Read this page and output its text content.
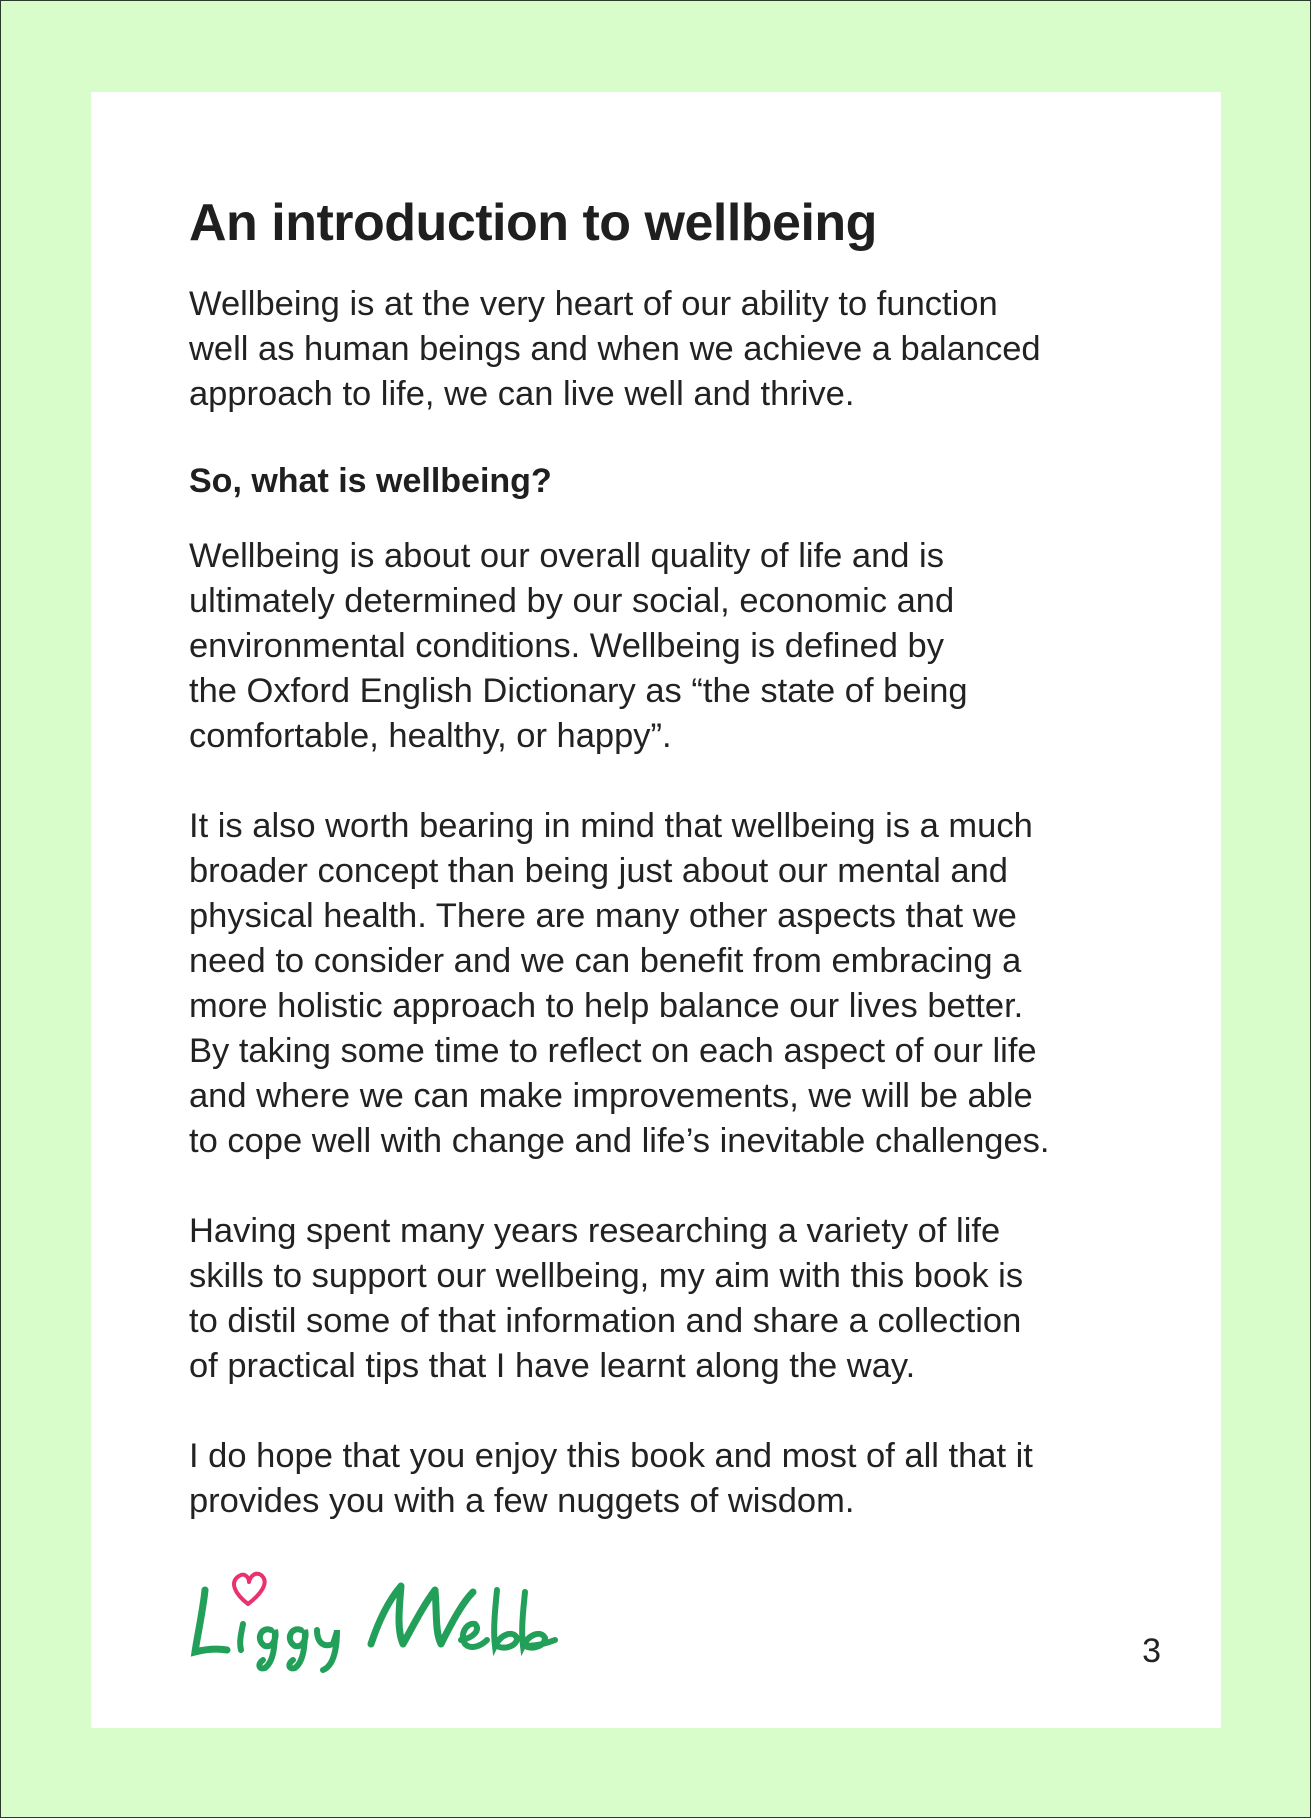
An introduction to wellbeing

Wellbeing is at the very heart of our ability to function
well as human beings and when we achieve a balanced
approach to life, we can live well and thrive.

So, what is wellbeing?

Wellbeing is about our overall quality of life and is
ultimately determined by our social, economic and
environmental conditions. Wellbeing is defined by
the Oxford English Dictionary as “the state of being
comfortable, healthy, or happy”.

It is also worth bearing in mind that wellbeing is a much
broader concept than being just about our mental and
physical health. There are many other aspects that we
need to consider and we can benefit from embracing a
more holistic approach to help balance our lives better.
By taking some time to reflect on each aspect of our life
and where we can make improvements, we will be able
to cope well with change and life’s inevitable challenges.

Having spent many years researching a variety of life
skills to support our wellbeing, my aim with this book is
to distil some of that information and share a collection
of practical tips that I have learnt along the way.

I do hope that you enjoy this book and most of all that it
provides you with a few nuggets of wisdom.

3
